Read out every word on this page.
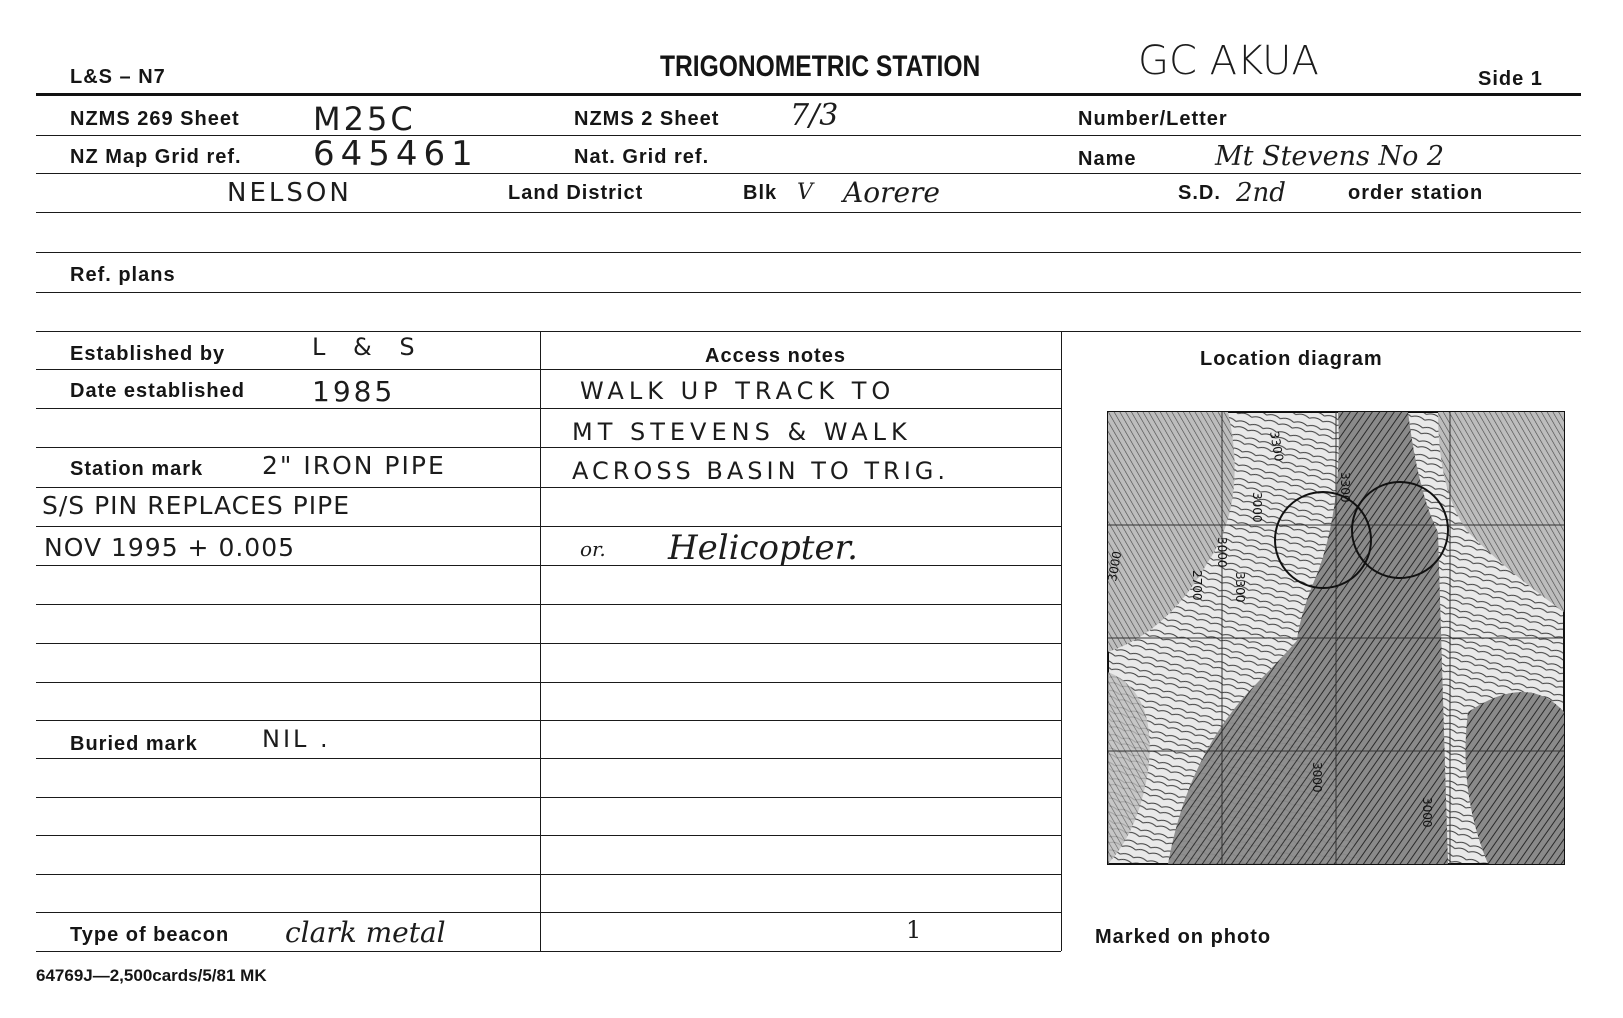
L&S – N7	TRIGONOMETRIC STATION	GC AKUA	Side 1
NZMS 269 Sheet M25C	NZMS 2 Sheet 7/3	Number/Letter
NZ Map Grid ref. 645461	Nat. Grid ref.	Name	Mt Stevens No 2
NELSON	Land District	Blk V Aorere	S.D. 2nd	order station
Ref. plans
Established by	L & S
Date established 1985
Station mark 2" IRON PIPE
S/S PIN REPLACES PIPE
NOV 1995 + 0.005
Buried mark	NIL .
Type of beacon clark metal
Access notes
WALK UP TRACK TO
MT STEVENS & WALK
ACROSS BASIN TO TRIG.
or. Helicopter.
1
Location diagram
3300
3000
3000
2700
3300
3300
3000
3000
3000
Marked on photo
64769J—2,500cards/5/81 MK
